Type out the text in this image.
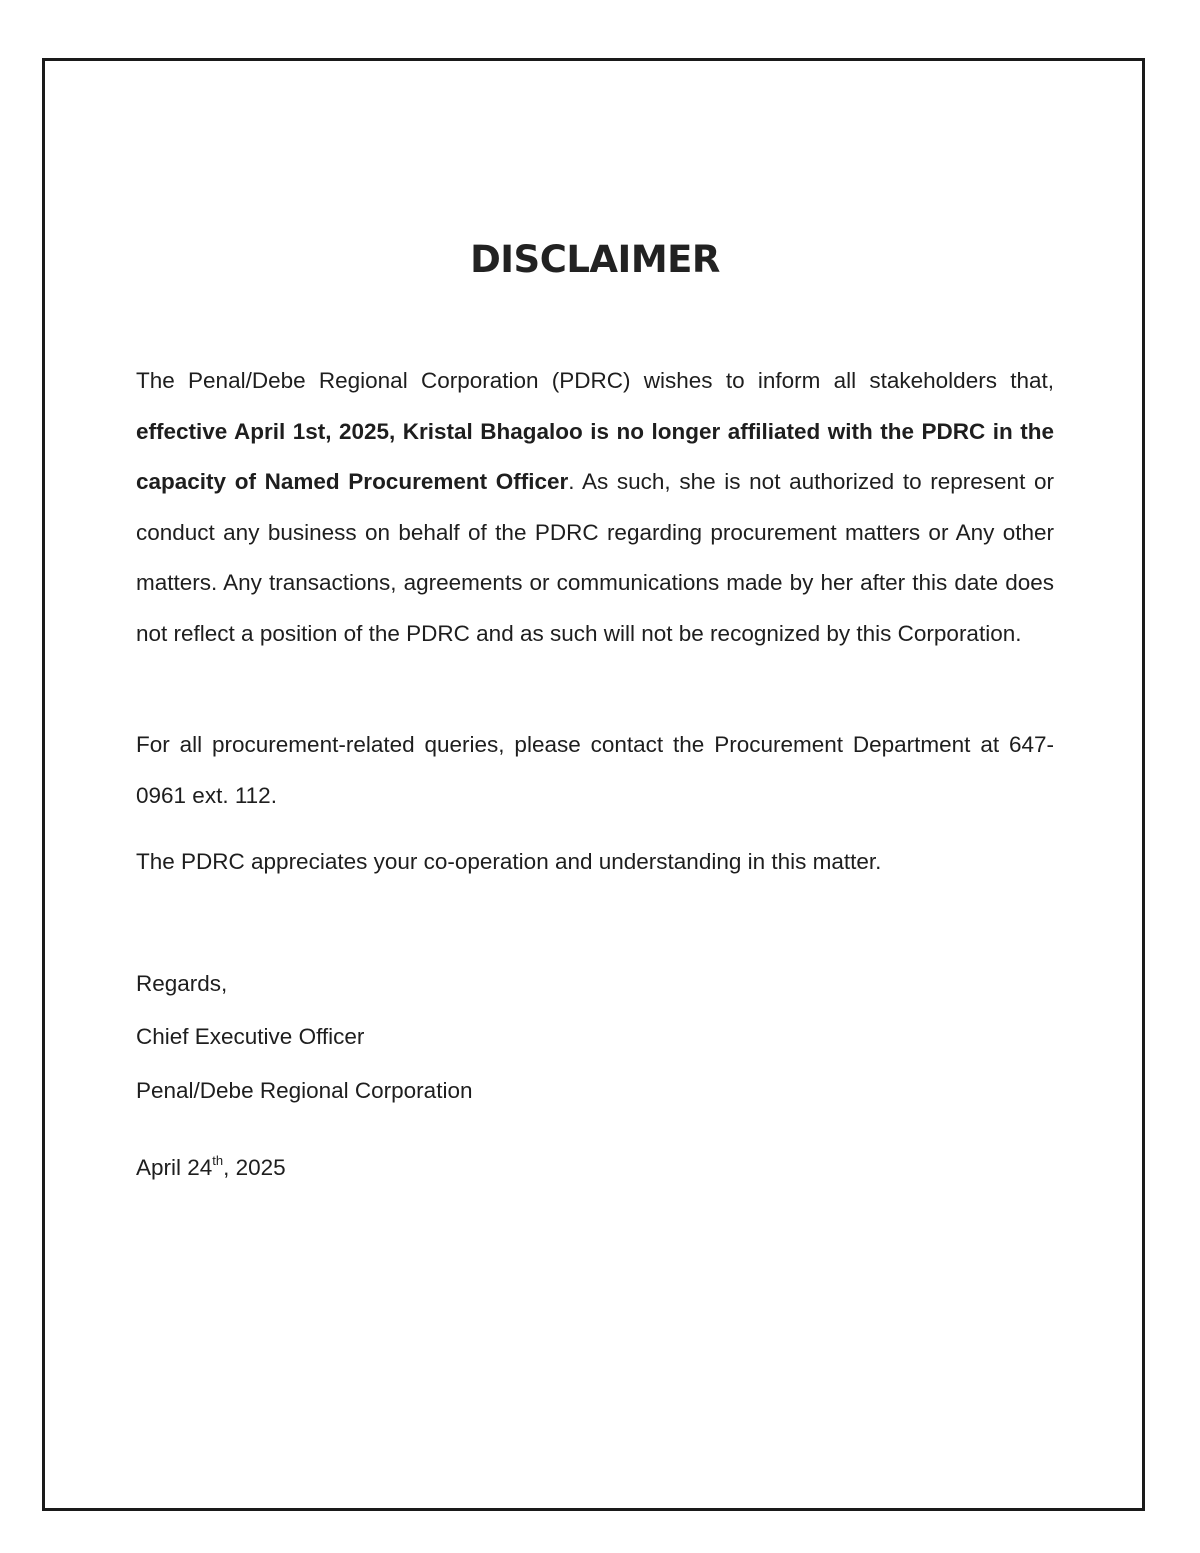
DISCLAIMER

The Penal/Debe Regional Corporation (PDRC) wishes to inform all stakeholders that, effective April 1st, 2025, Kristal Bhagaloo is no longer affiliated with the PDRC in the capacity of Named Procurement Officer. As such, she is not authorized to represent or conduct any business on behalf of the PDRC regarding procurement matters or Any other matters. Any transactions, agreements or communications made by her after this date does not reflect a position of the PDRC and as such will not be recognized by this Corporation.

For all procurement-related queries, please contact the Procurement Department at 647-0961 ext. 112.

The PDRC appreciates your co-operation and understanding in this matter.

Regards,

Chief Executive Officer

Penal/Debe Regional Corporation

April 24th, 2025
